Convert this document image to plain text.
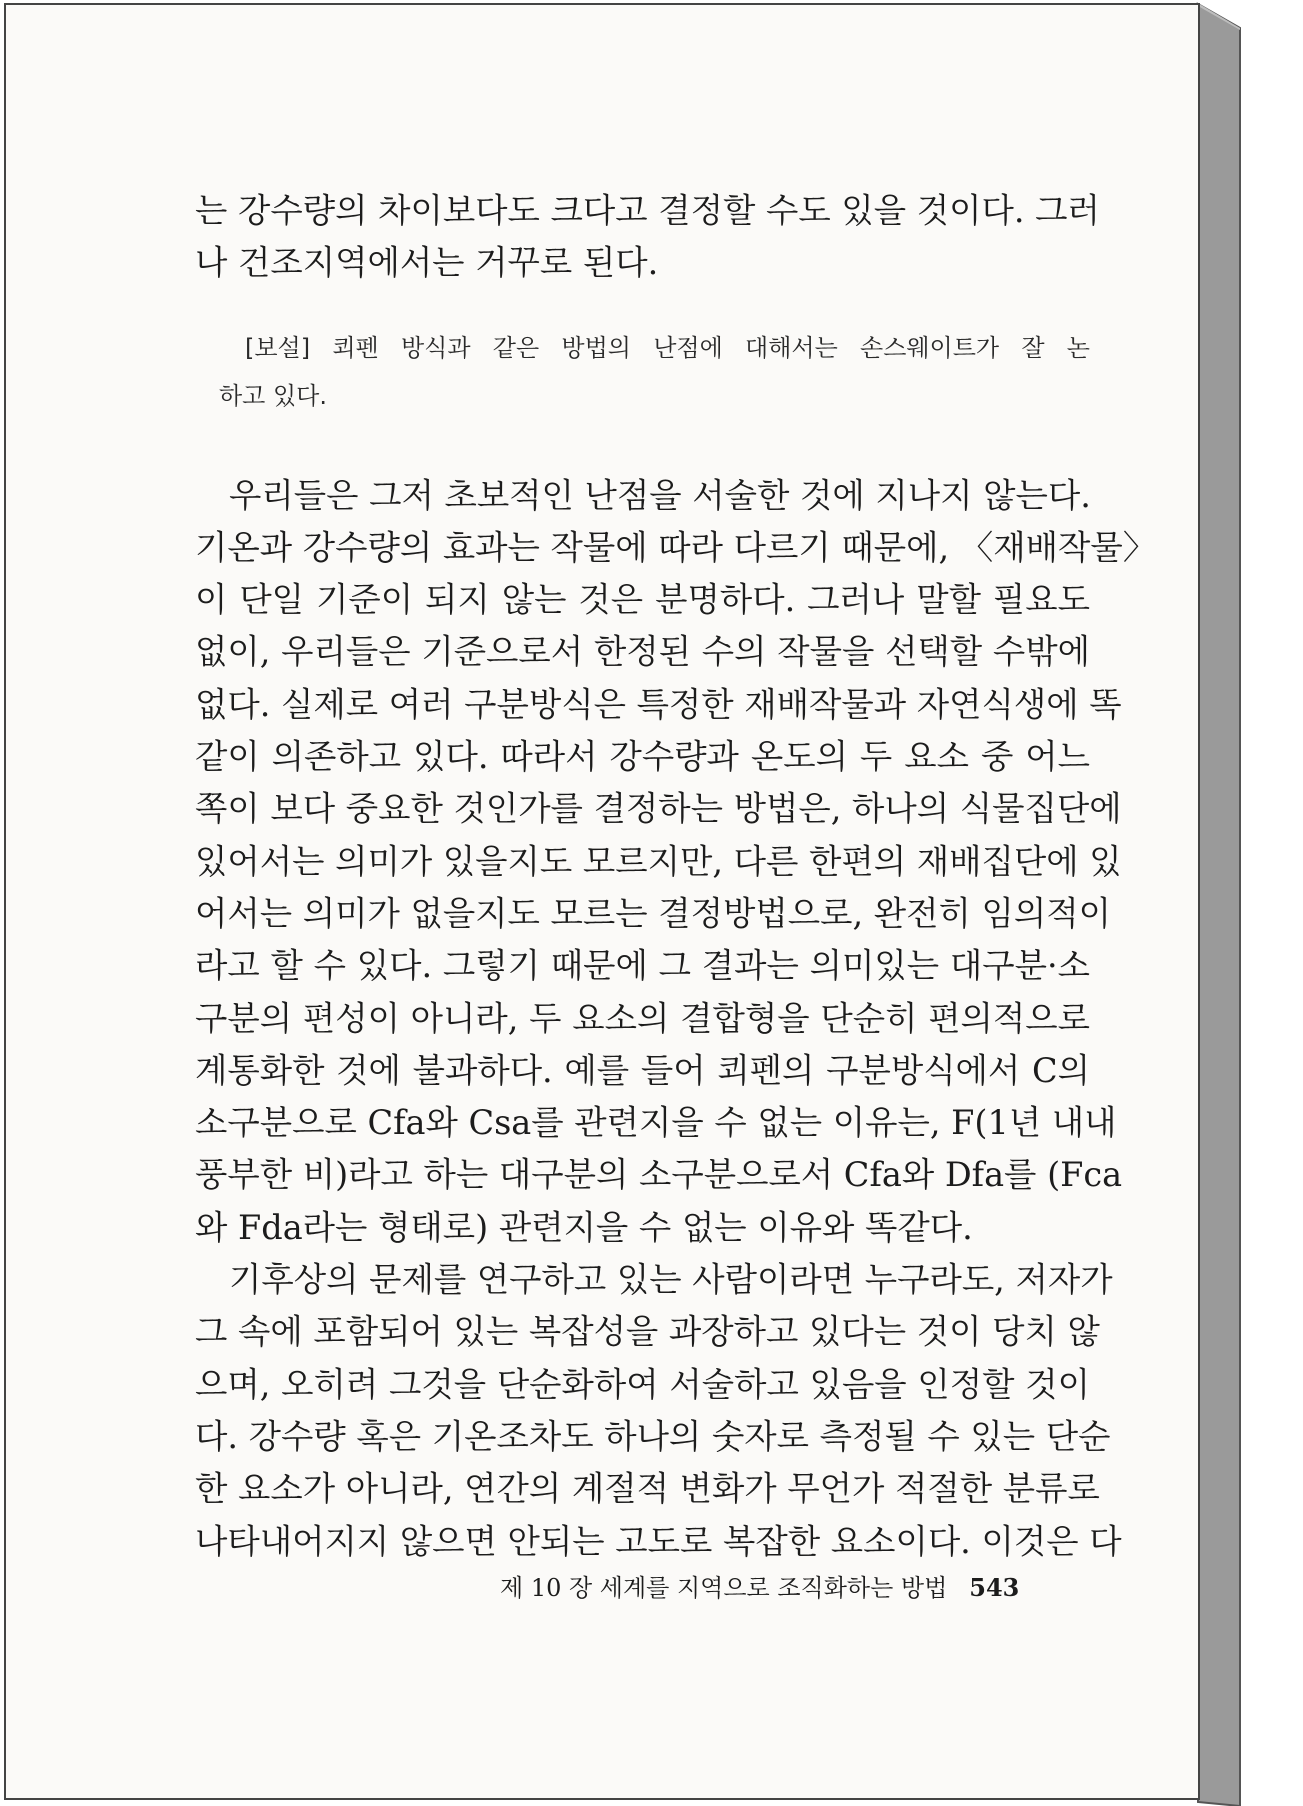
는 강수량의 차이보다도 크다고 결정할 수도 있을 것이다. 그러
나 건조지역에서는 거꾸로 된다.

[보설] 쾨펜 방식과 같은 방법의 난점에 대해서는 손스웨이트가 잘 논
하고 있다.

우리들은 그저 초보적인 난점을 서술한 것에 지나지 않는다.
기온과 강수량의 효과는 작물에 따라 다르기 때문에, 〈재배작물〉
이 단일 기준이 되지 않는 것은 분명하다. 그러나 말할 필요도
없이, 우리들은 기준으로서 한정된 수의 작물을 선택할 수밖에
없다. 실제로 여러 구분방식은 특정한 재배작물과 자연식생에 똑
같이 의존하고 있다. 따라서 강수량과 온도의 두 요소 중 어느
쪽이 보다 중요한 것인가를 결정하는 방법은, 하나의 식물집단에
있어서는 의미가 있을지도 모르지만, 다른 한편의 재배집단에 있
어서는 의미가 없을지도 모르는 결정방법으로, 완전히 임의적이
라고 할 수 있다. 그렇기 때문에 그 결과는 의미있는 대구분·소
구분의 편성이 아니라, 두 요소의 결합형을 단순히 편의적으로
계통화한 것에 불과하다. 예를 들어 쾨펜의 구분방식에서 C의
소구분으로 Cfa와 Csa를 관련지을 수 없는 이유는, F(1년 내내
풍부한 비)라고 하는 대구분의 소구분으로서 Cfa와 Dfa를 (Fca
와 Fda라는 형태로) 관련지을 수 없는 이유와 똑같다.

기후상의 문제를 연구하고 있는 사람이라면 누구라도, 저자가
그 속에 포함되어 있는 복잡성을 과장하고 있다는 것이 당치 않
으며, 오히려 그것을 단순화하여 서술하고 있음을 인정할 것이
다. 강수량 혹은 기온조차도 하나의 숫자로 측정될 수 있는 단순
한 요소가 아니라, 연간의 계절적 변화가 무언가 적절한 분류로
나타내어지지 않으면 안되는 고도로 복잡한 요소이다. 이것은 다

제 10 장 세계를 지역으로 조직화하는 방법 543
